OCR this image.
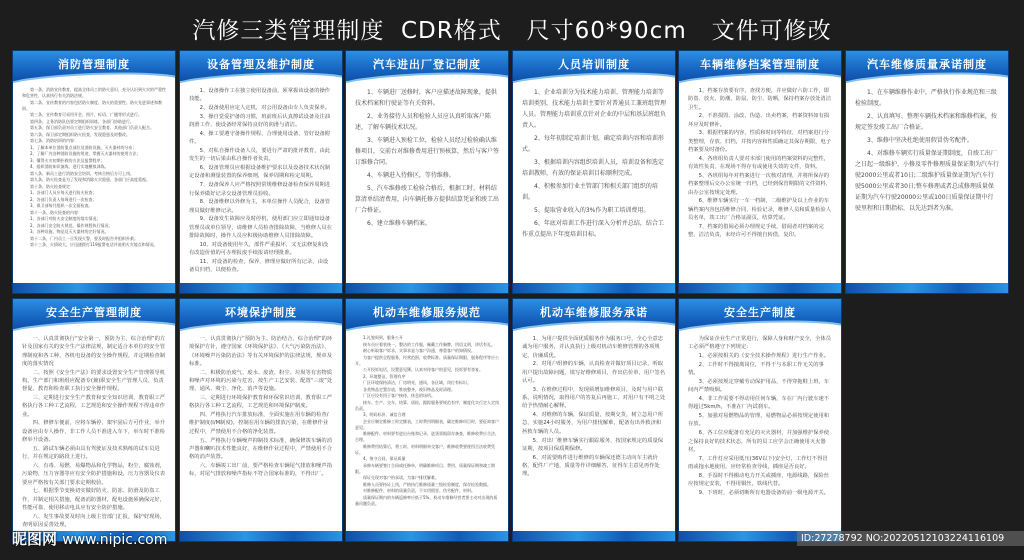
汽修三类管理制度  CDR格式   尺寸60*90cm   文件可修改
消防管理制度

第一条、消防宣传教育，提高全体员工的防火意识，充分认识到火灾的严重性和危害性，认真执行有关消防法规。

第二条、宣传教育的内容包括防火制度、防火的重要性、防火先进事迹和教训。

第三条、宣传教育可采用开会、图片、标语、广播等形式进行。

第四条、义务消防队伍要定期组织训练，各部门协助进行。

第五条、保卫部负责对员工进行防火安全教育，其他部门负责人配合。

第六条、保卫部定期组织防火检查，发现隐患及时整改。

第七条、消防培训的内容：

1、了解本单位消防重点部位及消防设施、灭火器材的分布；

2、了解厂内各种消防设施的用途，掌握灭火器材的使用方法；

3、懂得火灾初期扑救的方法及报警程序；

4、组织消防知识演练，进行实地模拟训练。

第八条、新员工进行消防安全培训，考核合格后方可上岗。

第九条、防火检查是为了发现和消除火灾隐患，各部门应高度重视。

第十条、防火检查规定：

1、各部门人员应每天进行防火检查；

2、各部门负责人每周进行一次检查；

3、保卫部每月组织一次全面检查。

第十一条、防火检查的内容：

1、各部门对防火安全制度的落实情况；

2、各部门安全防火规范、操作规程执行情况；

3、各种设施、物品及灭火器材的完好情况。

第十二条、厂内员工一旦发现火警，要及时报告并组织扑救。

第十三条、火情较大，应迅速拨打119报警电话并说明火灾地点和情况。

设备管理及维护制度

1、设备操作工在独立使用设备前，须掌握该设备的操作技能。

2、设备使用应定人定机，对公用设备由专人负责保养。

3、操自觉爱护备的习惯，班前班后认真擦试设备及注油润滑工作，使设备经常保持良好的润滑与清洁。

4、操工要遵守备操作规程，合理使用设备，管好设备附件。

5、对私自操作设备人员，要进行严肃的批评教育，由此发生的一切后果由私自操作者负责。

6、设备管理员应根据设备维护要求以及设备技术状况制定设备和测量装置的保养细则，保养周期和检定周期。

7、设备保养人应严格按照常规维修设备检查保养周期进行保养做好记录交设备管理员验收。

8、设备维修以外修为主，本单位操作人员配合，设备管理员做好维修记录。

9、设备发生故障应及时停机，使用部门应立即通知设备管理员或单位领导，请维修人员检查排除故障，当维修人员在排除故障时，操作人员应积极协助维修人员排除故障。

10、对设备使用年久，部件严重损坏，又无法修复和没有改造价值的可办理报废手续报请经理批准。

11、对设备的检查，保养，修理应做好所有记录，由设备员归档，以便检查。

汽车进出厂登记制度

1、车辆进厂送修时，客户应描述故障现象，提供技术档案和行驶证等有关资料。

2、业务接待人员和检验人员应认真听取客户陈述，了解车辆技术状况。

3、车辆进入预检工位，检验人员经过检验确认维修项目，交前台对维修费用进行预核算，然后与客户签订维修合同。

4、车辆进入待修区，等待维修。

5、汽车维修竣工检验合格后，根据工时、材料结算清单结清费用，向车辆托修方提供结算凭证和竣工出厂合格证。

6、建立维修车辆档案。

人员培训制度

1、企业培训分为技术能力培训、管理能力培训等培训类别，技术能力培训主要针对普通员工兼班组管理人员。管理能力培训重点针对企业的中层和基层班组负责人。

2、每年初制定培训计划，确定培训内容和培训形式。

3、根据培训内容组织培训人员，培训设备和选定培训教师，有效的保证培训目标顺利完成。

4、积极参加行业主管部门和相关部门组织的培训。

5、提取营业收入的3%作为职工培训费用。

6、年底对培训工作进行深入分析并总结，结合工作重点提出下年度培训目标。

车辆维修档案管理制度

1、档案存放要有序，查找方便，并应做好六防工作，即防盗、放火、防潮、防鼠、防尘、防晒，保持档案存放处清洁卫生。

2、不准损毁、涂改、伪造、出卖档案，档案资料如有损坏应及时修补。

3、根据档案的内容、性质和时间等特征，对档案进行分类整理，存放、归档，并按内容和性质确定其保存期限，电子档案要及时备份。

4、各班组负责人要对本部门使用的档案资料的完整性，有效性负责，在现场不得存有或使用失效的文件，资料。

5、各班组每年对档案进行一次核对清理，并将所保存的档案整理后交办公室统一归档，已经到保管期限的文件资料，由办公室按规定处理。

6、维修车辆实行一车一档制，二级维护及以上作业的车辆档案内容包括维修合同，检验记录，维修人员和质量检验人员名单，竣工出厂合格证副页，结算凭证。

7、档案的借阅必须办理规定手续，借阅者对档案的完整，洁洁负责，未经许可不得擅自转借，复印。

汽车维修质量承诺制度

1、在车辆维修作业中，严格执行作业规范和三级检验制度。

2、认真填写、整理车辆技术档案和维修档案，按规定签发竣工出厂合格证。

3、维修中坚决杜绝使用假冒伪劣配件。

4、对维修车辆实行质量保证期制度，自竣工出厂之日起一级维护、小修及零件修理质量保证期为汽车行驶2000公里或者10日;二级维护质量保证期为汽车行驶5000公里或者30日;整车修理或者总成修理质量保证期为汽车行驶20000公里或100日质量保证期中行驶里程和日期指标，以先达到者为准。

安全生产管理制度

一、认真贯彻执行“安全第一，预防为主，综合治理”的方针及国家有关的安全生产法律法规，制定适合本单位的安全管理制度和各工种、各机电设备的安全操作规程，并定期检查制度的落实情况

二、按照《安全生产法》的要求设置安全生产管理领导机构，生产部门和班组应配备专(兼)职安全生产管理人员，负责督促、教育和检查职工执行安全操作规程。

三、定期进行安全生产教育和安全知识培训，教育职工严格执行各工种工艺流程，工艺规范和安全操作规程不得违章作业。

四、修修车便前，应将车辆停，架牢固后方可作业，举升设备应由专人操作，非工作人员不准进入车下，举车时不准检修举升设备。

五、路试车辆必须由具有驾驶证及技术熟练的试车员进行，并在规定的路段上进行。

六、有毒、易燃、易爆物品和化学物品，粉尘，腐蚀剂，污染物，压力容器等应有安全防护措施和设，压力容器及仪表要应严格按有关部门要求定期校验。

七、根据季节变换切实做好防火、防冻、防滑及防盗工作，并制定相关措施，配备消防器材，配电设施须确保完好，性能可靠，使用移动电具应有安全防护措施。

八、发生事故要及时向上级主管部门汇报，保护好现场，查明原因妥善处理。

环境保护制度

一、认真贯彻执行“预防为主、防治结合、综合治理”的环境保护方针，遵守国家《环境保护法》、《大气污染防治法》、《环境噪声污染防治法》等有关环境保护的法律法规，规章及标准。

二、积极防治废气、废水、废渣、粉尘、垃圾等有害物质和噪声对环境的污染与危害，按生产工艺安装、配置“三废”处理、通风、吸尘、净化、消声等设施。

三、定期进行环境保护教育和环保常识培训，教育职工严格执行各工种工艺流程，工艺规范和环境保护制度。

四、严格执行汽车排放标准，全面实施在用车辆的检查/维护制度(I/M制度)，控制在用车辆的排放污染，在维修作业过程中，严禁使用不合格的净化装置。

五、严格执行车辆噪声抑制技术标准，确保修竣车辆的消声器和喇叭技术性能良好，在维修作业过程中，严禁使用不合格的消声装置。

六、车辆竣工出厂前，要严格检查车辆尾气排放和噪声指标，对尾气排放和噪声指标不符合国家标准的，不得出厂。

机动车维修服务规范

1.礼貌周到，服务公开

接车员应着装统一，整洁的工作服，佩戴工作胸牌，用语文明，讲话有礼。

耐心听取客户诉求，实事求是与客户沟通，尊重客户的知情权。

为客户提供全程服务，经营范围、收费标准、质量保证期限、服务程序等应公开。

公开投诉电话，设置意见簿，认真对待客户的意见，投诉要有答复。

2、环境整洁，管理有序

厂区环境保持清洁，厂房明亮，通风，各区域，岗位有标识。

各类物品定置存放，堆放整齐，废旧物品及时清理。

厂区应设有用于客户接待、休息的场所。

接车、生产、交车、结算、质检，跟踪服务要规范有序，制度化实行定人定岗负责。

3、明码标价，诚信合理

企业应制定维修工时定额表，工时费用明细表，确定维修项目时，要征询客户意见。

维修配件、材料要有进出台账和记录，进货票据留存备查，维修收费应合法、合理。

维修费用结算后，将工时、材料明细单交客户，维修收费要使用合法收费凭证。

4、恪守合同，保证质量

承修车辆要签订合同或托修单，明确维修项目、费用、质量保证期和竣工期限。

保证兑现对客户的承诺，为客户排忧解难。

维修人员要持证上岗，严格执行维修质量三级检验制度，保存检验数据。

对维修配件、材料的质量负责，不实用假冒、伪劣配件、材料。

质量保证期内的车辆返修率应低于5%，机动车维修经营者要主动对出现的质量问题负责。

机动车维修服务承诺

1、为用户提供全面优质服务作为服务口号，全心全意忠诚为用户服务，并认真执行上级对机动车维修管理的各项规定，价廉质优。

2、对用户组修的车辆，认真检查并做好项目记录，听取用户提出故障问题，填写好维修项目，作出估价单，用户签名认可。

3、在维修过程中，发现须增加维修项目，及时与用户联系，说明情况，取得用户的答复后再施工，对用户有不明之处给予热情耐心解释。

4、对维修的车辆，保证质量，按期交货，树立急用户所急，实施24小时服务，为用户排忧解难，配备有出外救济和拯救车辆的人员。

5、对出厂维修车辆实行跟踪服务，按国家规定的质量保证期，按项目保质期保修。

6、对需要购件进行维修的车辆保还德主动向车主就价格，配件厂产地，质量等作详细解答，征得车主意见再作处理。

安全生产制度

为保证企业生产正常进行，保障人身和财产安全，全体员工必须严格遵守下列规定：

1、必须按相关的《安全技术操作规程》进行生产作业。

2、工作时不得擅离岗位，不得干与本职工作无关的事情。

3、必须按规定穿戴劳动保护用品，不得穿拖鞋上班，车间内严禁吸烟。

4、非工作需要不得动用任何车辆，车在厂内行驶车速不得超过5km/h，不准在厂内试刹车。

5、加强对易燃物品的管理，易燃物品必须按规定使用和存放。

6、各工位应配备有充足的灭火器材，并加强维护保养使之保持良好的技术状态，所有的员工应学会正确使用灭火器材。

7、工作灯应采用低压(36V以下)安全灯，工作灯不得冒雨或拖水地使用，应经常检查导线，插座是否良好。

8、手湿时不得搬动电力开关或插座，电源线路，保险丝应按规定安装，不得用铜丝，铁线代替。

9、下班时，必须切断所有电器设备的前一级电源开关。

昵图网 www.nipic.com	ID:27278792 NO:20220512103224116109
